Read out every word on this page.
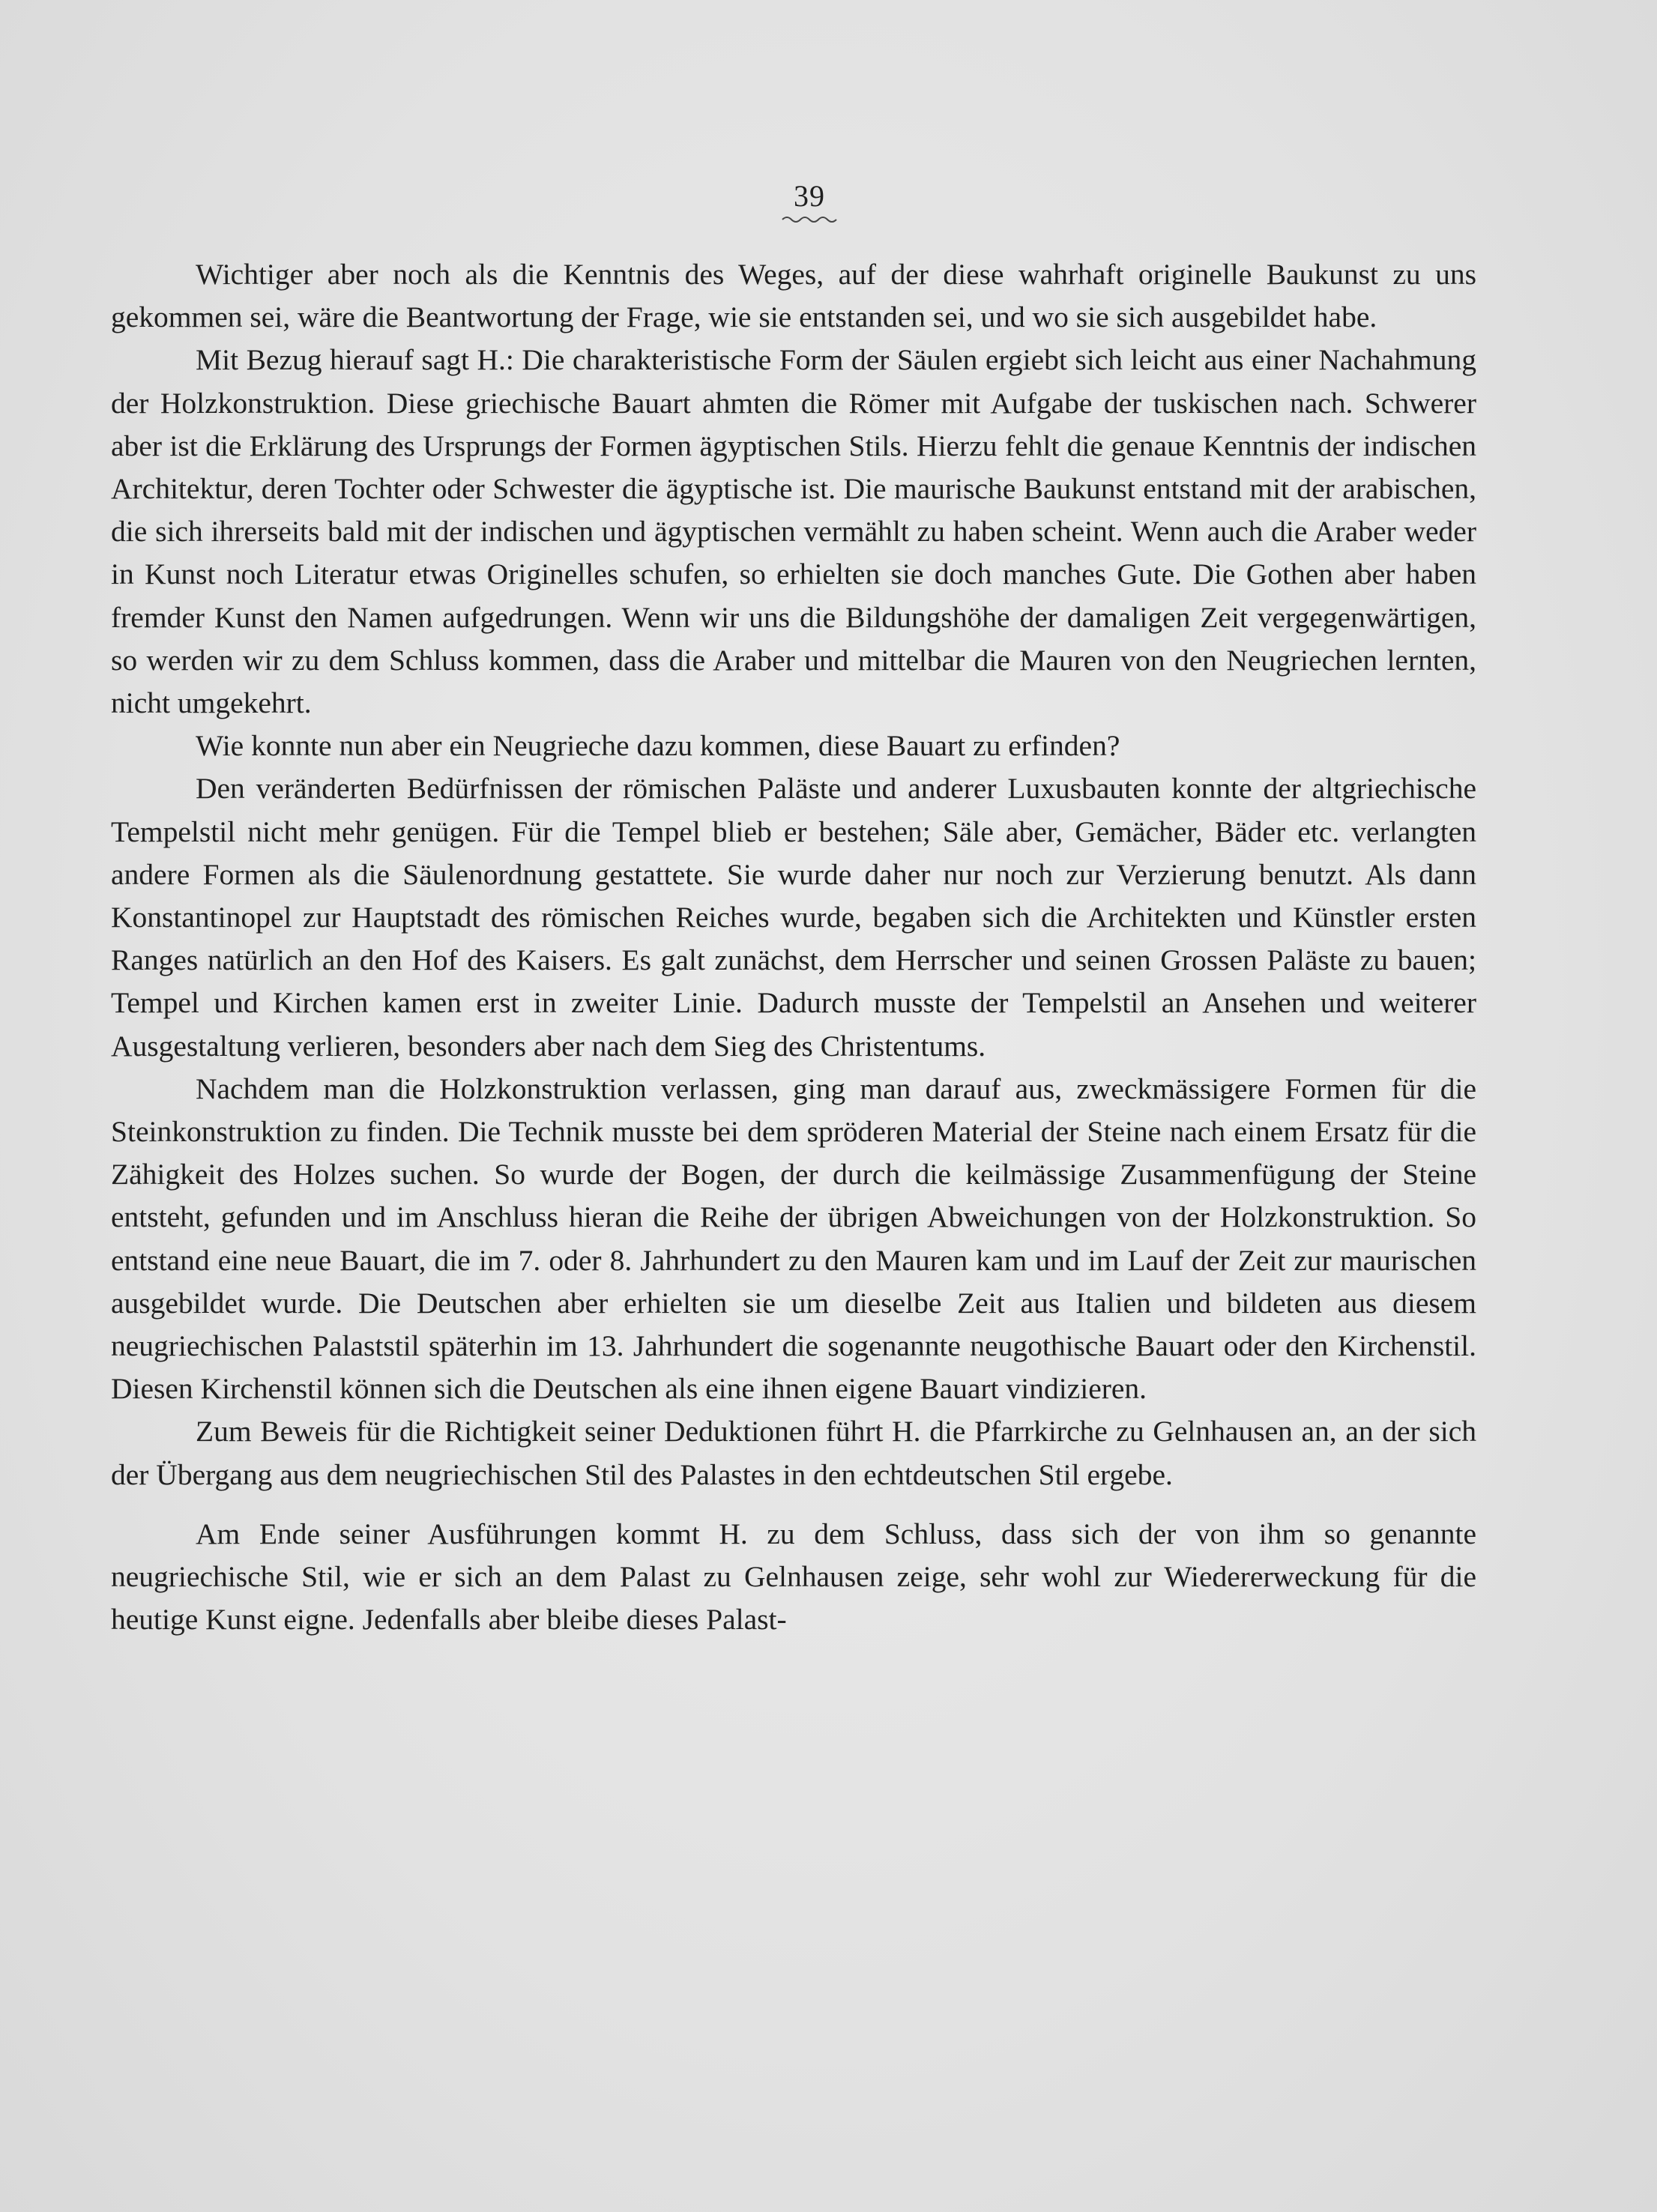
39

Wichtiger aber noch als die Kenntnis des Weges, auf der diese wahrhaft originelle Baukunst zu uns gekommen sei, wäre die Beantwortung der Frage, wie sie entstanden sei, und wo sie sich ausgebildet habe.

Mit Bezug hierauf sagt H.: Die charakteristische Form der Säulen ergiebt sich leicht aus einer Nachahmung der Holzkonstruktion. Diese griechische Bauart ahmten die Römer mit Aufgabe der tuskischen nach. Schwerer aber ist die Erklärung des Ursprungs der Formen ägyptischen Stils. Hierzu fehlt die genaue Kenntnis der indischen Architektur, deren Tochter oder Schwester die ägyptische ist. Die maurische Baukunst entstand mit der arabischen, die sich ihrerseits bald mit der indischen und ägyptischen vermählt zu haben scheint. Wenn auch die Araber weder in Kunst noch Literatur etwas Originelles schufen, so erhielten sie doch manches Gute. Die Gothen aber haben fremder Kunst den Namen aufgedrungen. Wenn wir uns die Bildungshöhe der damaligen Zeit vergegenwärtigen, so werden wir zu dem Schluss kommen, dass die Araber und mittelbar die Mauren von den Neugriechen lernten, nicht umgekehrt.

Wie konnte nun aber ein Neugrieche dazu kommen, diese Bauart zu erfinden?

Den veränderten Bedürfnissen der römischen Paläste und anderer Luxusbauten konnte der altgriechische Tempelstil nicht mehr genügen. Für die Tempel blieb er bestehen; Säle aber, Gemächer, Bäder etc. verlangten andere Formen als die Säulenordnung gestattete. Sie wurde daher nur noch zur Verzierung benutzt. Als dann Konstantinopel zur Hauptstadt des römischen Reiches wurde, begaben sich die Architekten und Künstler ersten Ranges natürlich an den Hof des Kaisers. Es galt zunächst, dem Herrscher und seinen Grossen Paläste zu bauen; Tempel und Kirchen kamen erst in zweiter Linie. Dadurch musste der Tempelstil an Ansehen und weiterer Ausgestaltung verlieren, besonders aber nach dem Sieg des Christentums.

Nachdem man die Holzkonstruktion verlassen, ging man darauf aus, zweckmässigere Formen für die Steinkonstruktion zu finden. Die Technik musste bei dem spröderen Material der Steine nach einem Ersatz für die Zähigkeit des Holzes suchen. So wurde der Bogen, der durch die keilmässige Zusammenfügung der Steine entsteht, gefunden und im Anschluss hieran die Reihe der übrigen Abweichungen von der Holzkonstruktion. So entstand eine neue Bauart, die im 7. oder 8. Jahrhundert zu den Mauren kam und im Lauf der Zeit zur maurischen ausgebildet wurde. Die Deutschen aber erhielten sie um dieselbe Zeit aus Italien und bildeten aus diesem neugriechischen Palaststil späterhin im 13. Jahrhundert die sogenannte neugothische Bauart oder den Kirchenstil. Diesen Kirchenstil können sich die Deutschen als eine ihnen eigene Bauart vindizieren.

Zum Beweis für die Richtigkeit seiner Deduktionen führt H. die Pfarrkirche zu Gelnhausen an, an der sich der Übergang aus dem neugriechischen Stil des Palastes in den echtdeutschen Stil ergebe.

Am Ende seiner Ausführungen kommt H. zu dem Schluss, dass sich der von ihm so genannte neugriechische Stil, wie er sich an dem Palast zu Gelnhausen zeige, sehr wohl zur Wiedererweckung für die heutige Kunst eigne. Jedenfalls aber bleibe dieses Palast-
